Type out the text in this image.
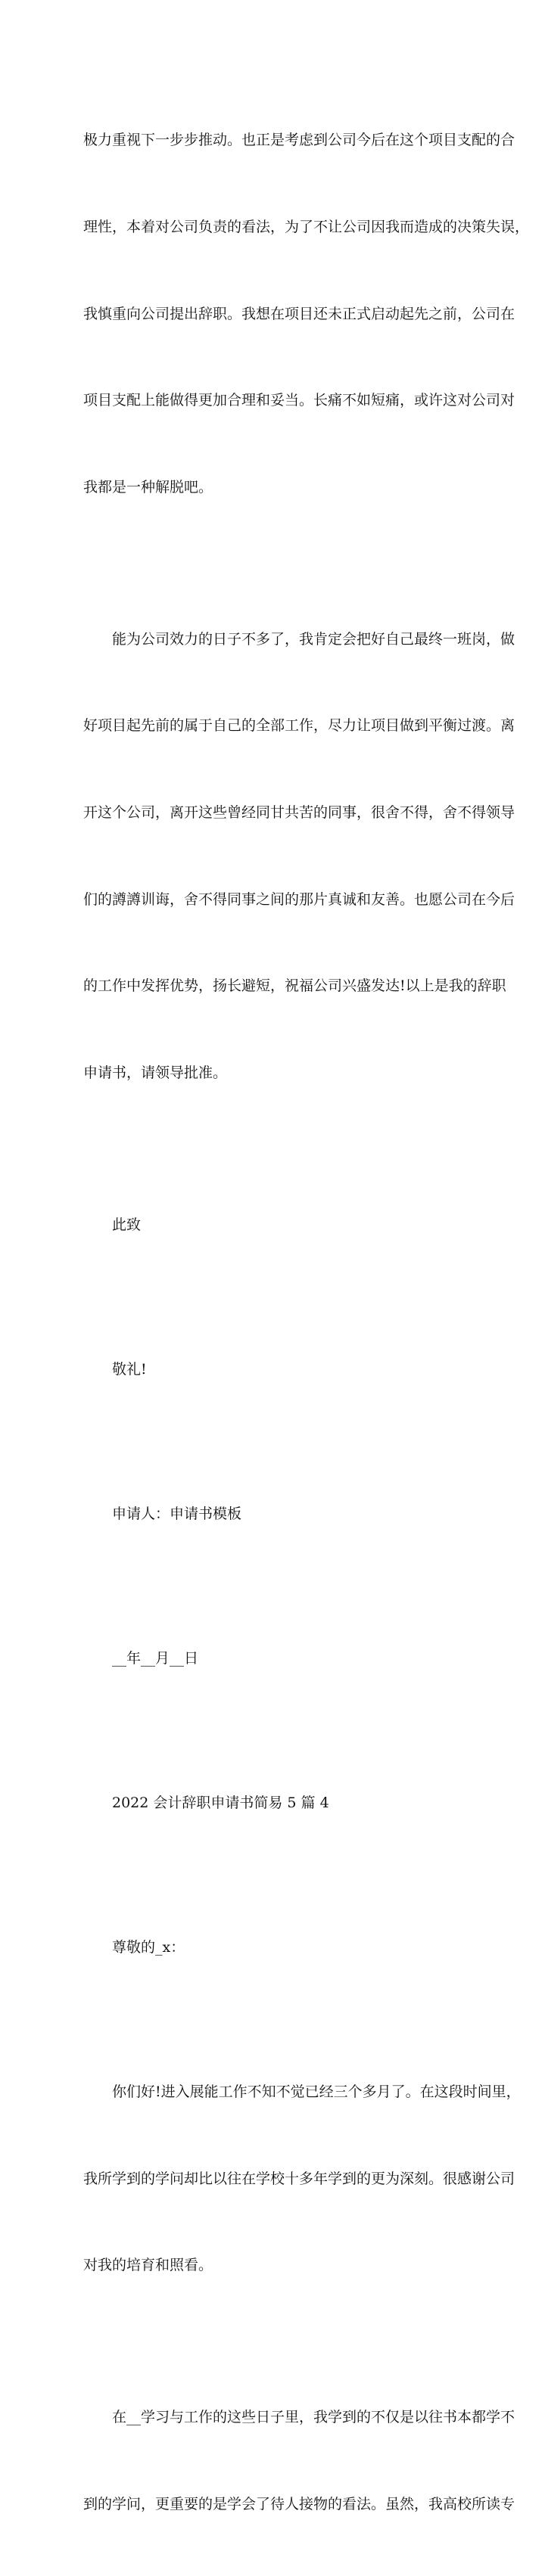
极力重视下一步步推动。也正是考虑到公司今后在这个项目支配的合

理性，本着对公司负责的看法，为了不让公司因我而造成的决策失误，

我慎重向公司提出辞职。我想在项目还未正式启动起先之前，公司在

项目支配上能做得更加合理和妥当。长痛不如短痛，或许这对公司对

我都是一种解脱吧。

能为公司效力的日子不多了，我肯定会把好自己最终一班岗，做

好项目起先前的属于自己的全部工作，尽力让项目做到平衡过渡。离

开这个公司，离开这些曾经同甘共苦的同事，很舍不得，舍不得领导

们的譐譐训诲，舍不得同事之间的那片真诚和友善。也愿公司在今后

的工作中发挥优势，扬长避短，祝福公司兴盛发达!以上是我的辞职

申请书，请领导批准。

此致

敬礼!

申请人：申请书模板

__年__月__日

2022 会计辞职申请书简易 5 篇 4

尊敬的_x：

你们好!进入展能工作不知不觉已经三个多月了。在这段时间里，

我所学到的学问却比以往在学校十多年学到的更为深刻。很感谢公司

对我的培育和照看。

在__学习与工作的这些日子里，我学到的不仅是以往书本都学不

到的学问，更重要的是学会了待人接物的看法。虽然，我高校所读专
